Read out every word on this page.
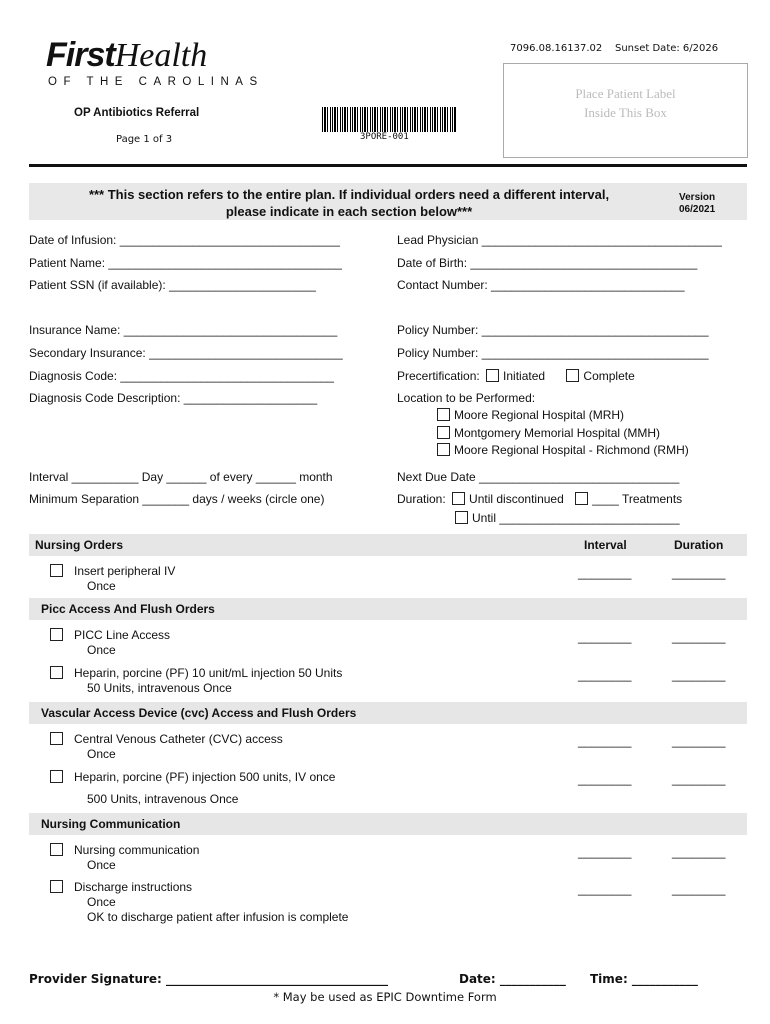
FirstHealth
OF THE CAROLINAS
OP Antibiotics Referral
Page 1 of 3	3PORE-001
7096.08.16137.02 Sunset Date: 6/2026
Place Patient Label
Inside This Box
*** This section refers to the entire plan. If individual orders need a different interval,
please indicate in each section below***
Version
06/2021
Date of Infusion: _________________________________	Lead Physician ____________________________________
Patient Name: ___________________________________	Date of Birth: __________________________________
Patient SSN (if available): ______________________	Contact Number: _____________________________
Insurance Name: ________________________________	Policy Number: __________________________________
Secondary Insurance: _____________________________	Policy Number: __________________________________
Diagnosis Code: ________________________________	Precertification: Initiated	Complete
Diagnosis Code Description: ____________________	Location to be Performed:
Moore Regional Hospital (MRH)
Montgomery Memorial Hospital (MMH)
Moore Regional Hospital - Richmond (RMH)
Interval __________ Day ______ of every ______ month	Next Due Date ______________________________
Minimum Separation _______ days / weeks (circle one)	Duration: Until discontinued ____ Treatments
Until ___________________________
Nursing Orders	Interval	Duration
Insert peripheral IV
Once
________	________
Picc Access And Flush Orders
PICC Line Access
Once
________	________
Heparin, porcine (PF) 10 unit/mL injection 50 Units
50 Units, intravenous Once
________	________
Vascular Access Device (cvc) Access and Flush Orders
Central Venous Catheter (CVC) access
Once
________	________
Heparin, porcine (PF) injection 500 units, IV once
500 Units, intravenous Once
________	________
Nursing Communication
Nursing communication
Once
________	________
Discharge instructions
Once
OK to discharge patient after infusion is complete
________	________
Provider Signature: _____________________________________	Date: ___________ Time: ___________
* May be used as EPIC Downtime Form
